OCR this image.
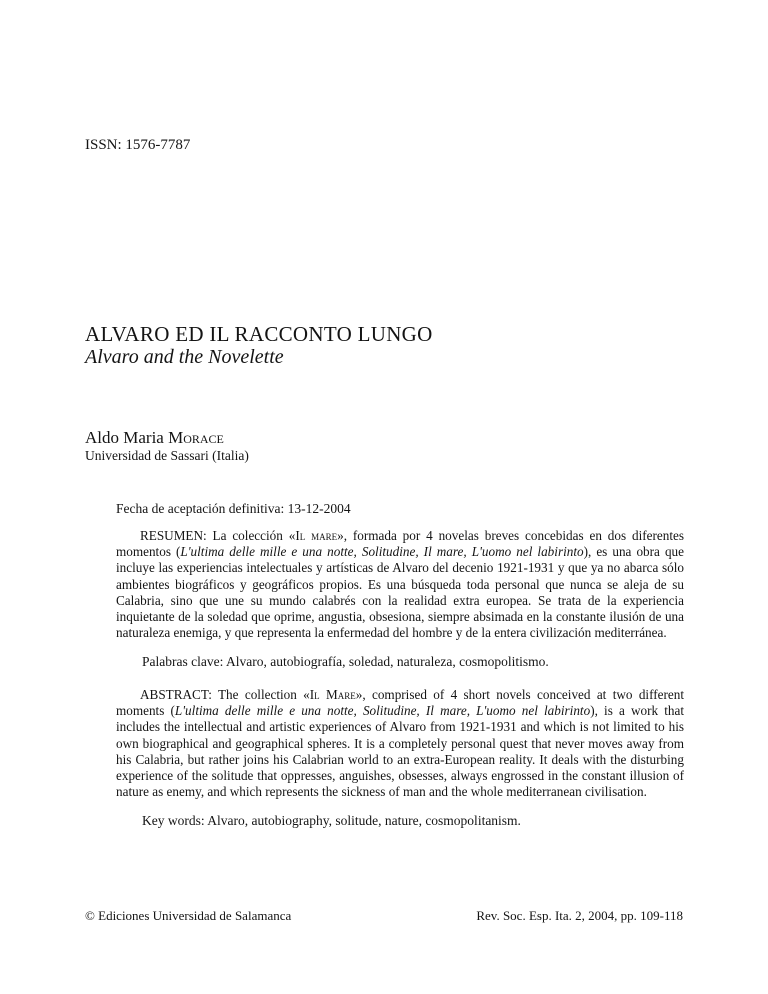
ISSN: 1576-7787
ALVARO ED IL RACCONTO LUNGO
Alvaro and the Novelette
Aldo Maria Morace
Universidad de Sassari (Italia)
Fecha de aceptación definitiva: 13-12-2004
RESUMEN: La colección «Il mare», formada por 4 novelas breves concebidas en dos diferentes momentos (L'ultima delle mille e una notte, Solitudine, Il mare, L'uomo nel labirinto), es una obra que incluye las experiencias intelectuales y artísticas de Alvaro del decenio 1921-1931 y que ya no abarca sólo ambientes biográficos y geográficos propios. Es una búsqueda toda personal que nunca se aleja de su Calabria, sino que une su mundo calabrés con la realidad extra europea. Se trata de la experiencia inquietante de la soledad que oprime, angustia, obsesiona, siempre absimada en la constante ilusión de una naturaleza enemiga, y que representa la enfermedad del hombre y de la entera civilización mediterránea.
Palabras clave: Alvaro, autobiografía, soledad, naturaleza, cosmopolitismo.
ABSTRACT: The collection «Il Mare», comprised of 4 short novels conceived at two different moments (L'ultima delle mille e una notte, Solitudine, Il mare, L'uomo nel labirinto), is a work that includes the intellectual and artistic experiences of Alvaro from 1921-1931 and which is not limited to his own biographical and geographical spheres. It is a completely personal quest that never moves away from his Calabria, but rather joins his Calabrian world to an extra-European reality. It deals with the disturbing experience of the solitude that oppresses, anguishes, obsesses, always engrossed in the constant illusion of nature as enemy, and which represents the sickness of man and the whole mediterranean civilisation.
Key words: Alvaro, autobiography, solitude, nature, cosmopolitanism.
© Ediciones Universidad de Salamanca	Rev. Soc. Esp. Ita. 2, 2004, pp. 109-118
